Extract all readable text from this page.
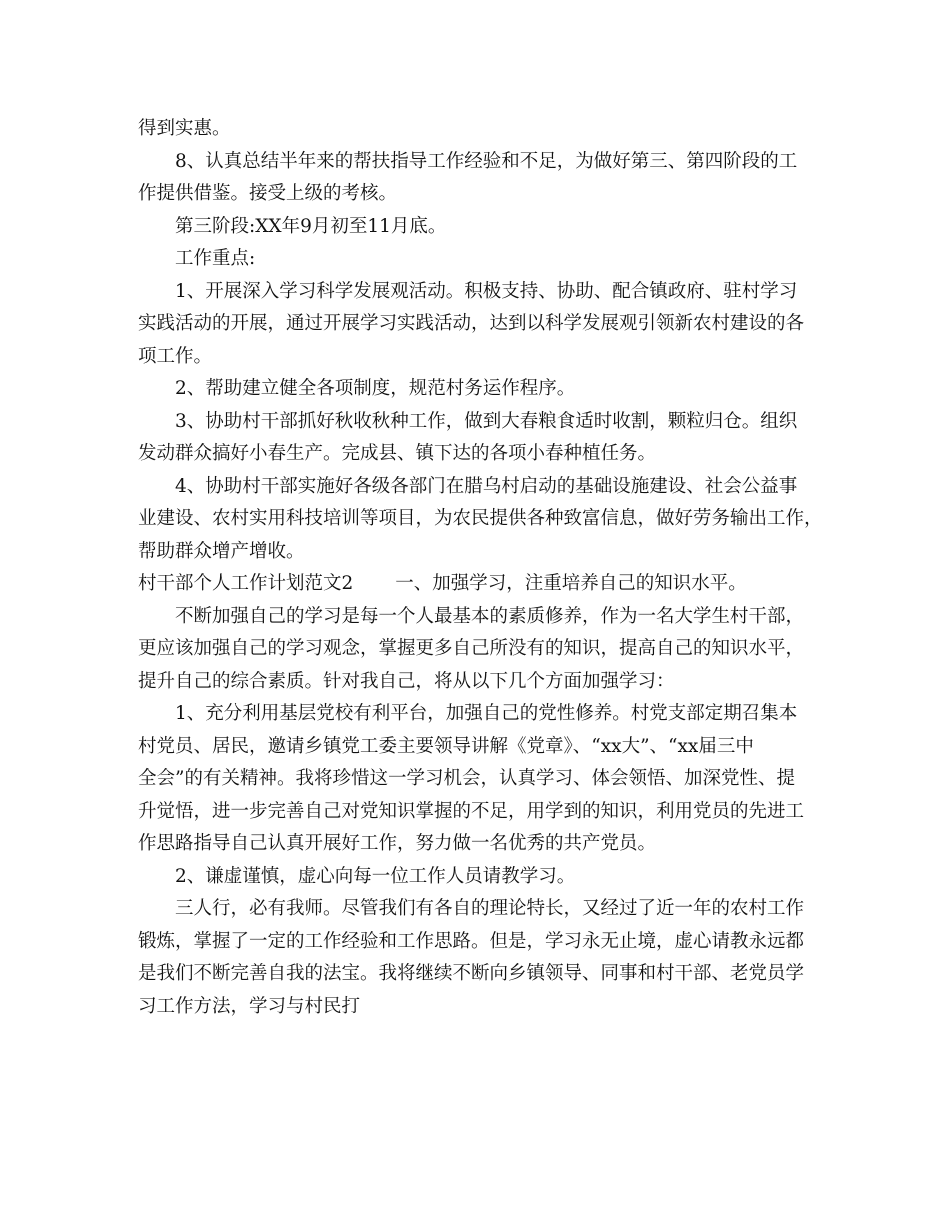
得到实惠。
8、认真总结半年来的帮扶指导工作经验和不足，为做好第三、第四阶段的工
作提供借鉴。接受上级的考核。
第三阶段:XX年9月初至11月底。
工作重点:
1、开展深入学习科学发展观活动。积极支持、协助、配合镇政府、驻村学习
实践活动的开展，通过开展学习实践活动，达到以科学发展观引领新农村建设的各
项工作。
2、帮助建立健全各项制度，规范村务运作程序。
3、协助村干部抓好秋收秋种工作，做到大春粮食适时收割，颗粒归仓。组织
发动群众搞好小春生产。完成县、镇下达的各项小春种植任务。
4、协助村干部实施好各级各部门在腊乌村启动的基础设施建设、社会公益事
业建设、农村实用科技培训等项目，为农民提供各种致富信息，做好劳务输出工作，
帮助群众增产增收。
村干部个人工作计划范文2 一、加强学习，注重培养自己的知识水平。
不断加强自己的学习是每一个人最基本的素质修养，作为一名大学生村干部，
更应该加强自己的学习观念，掌握更多自己所没有的知识，提高自己的知识水平，
提升自己的综合素质。针对我自己，将从以下几个方面加强学习：
1、充分利用基层党校有利平台，加强自己的党性修养。村党支部定期召集本
村党员、居民，邀请乡镇党工委主要领导讲解《党章》、“xx大”、“xx届三中
全会”的有关精神。我将珍惜这一学习机会，认真学习、体会领悟、加深党性、提
升觉悟，进一步完善自己对党知识掌握的不足，用学到的知识，利用党员的先进工
作思路指导自己认真开展好工作，努力做一名优秀的共产党员。
2、谦虚谨慎，虚心向每一位工作人员请教学习。
三人行，必有我师。尽管我们有各自的理论特长，又经过了近一年的农村工作
锻炼，掌握了一定的工作经验和工作思路。但是，学习永无止境，虚心请教永远都
是我们不断完善自我的法宝。我将继续不断向乡镇领导、同事和村干部、老党员学
习工作方法，学习与村民打
